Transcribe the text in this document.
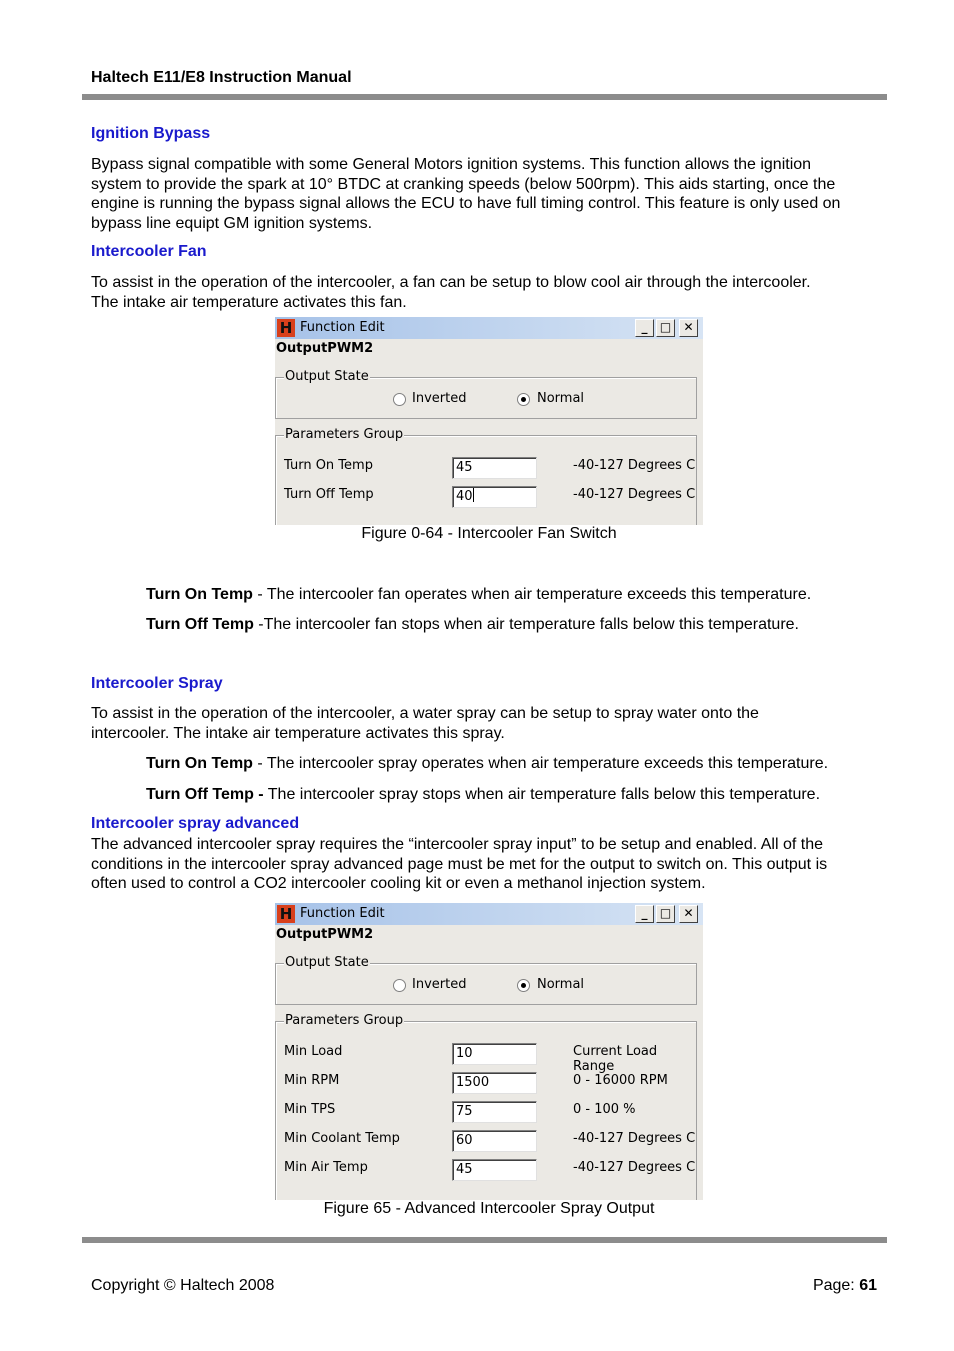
Haltech E11/E8 Instruction Manual
Ignition Bypass
Bypass signal compatible with some General Motors ignition systems. This function allows the ignition
system to provide the spark at 10° BTDC at cranking speeds (below 500rpm). This aids starting, once the
engine is running the bypass signal allows the ECU to have full timing control. This feature is only used on
bypass line equipt GM ignition systems.
Intercooler Fan
To assist in the operation of the intercooler, a fan can be setup to blow cool air through the intercooler.
The intake air temperature activates this fan.
H Function Edit	_	□	✕
OutputPWM2
Output State
Inverted	Normal
Parameters Group
Turn On Temp	45	-40-127 Degrees C
Turn Off Temp	40	-40-127 Degrees C
Figure 0-64 - Intercooler Fan Switch
Turn On Temp - The intercooler fan operates when air temperature exceeds this temperature.
Turn Off Temp -The intercooler fan stops when air temperature falls below this temperature.
Intercooler Spray
To assist in the operation of the intercooler, a water spray can be setup to spray water onto the
intercooler. The intake air temperature activates this spray.
Turn On Temp - The intercooler spray operates when air temperature exceeds this temperature.
Turn Off Temp - The intercooler spray stops when air temperature falls below this temperature.
Intercooler spray advanced
The advanced intercooler spray requires the “intercooler spray input” to be setup and enabled. All of the
conditions in the intercooler spray advanced page must be met for the output to switch on. This output is
often used to control a CO2 intercooler cooling kit or even a methanol injection system.
H Function Edit	_	□	✕
OutputPWM2
Output State
Inverted	Normal
Parameters Group
Min Load	10	Current Load Range
Min RPM	1500	0 - 16000 RPM
Min TPS	75	0 - 100 %
Min Coolant Temp	60	-40-127 Degrees C
Min Air Temp	45	-40-127 Degrees C
Figure 65 - Advanced Intercooler Spray Output
Copyright © Haltech 2008	Page: 61
